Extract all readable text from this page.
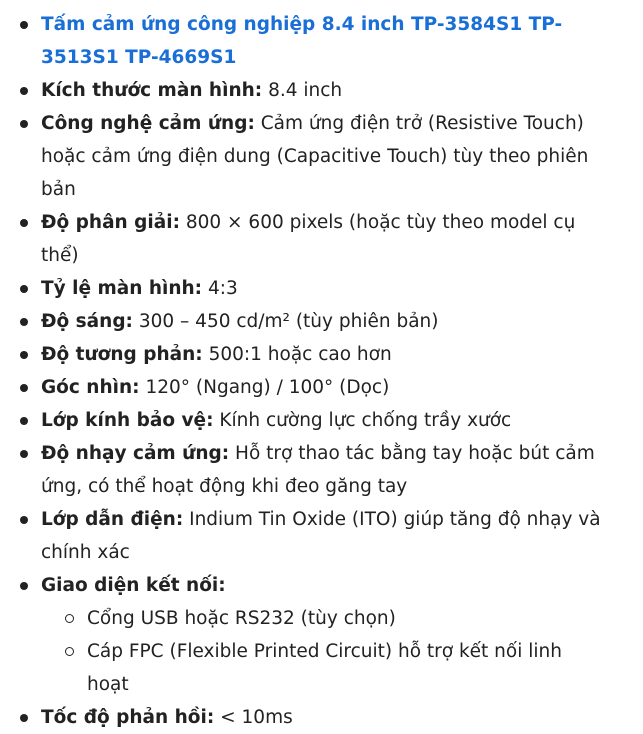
Tấm cảm ứng công nghiệp 8.4 inch TP-3584S1 TP-3513S1 TP-4669S1
Kích thước màn hình: 8.4 inch
Công nghệ cảm ứng: Cảm ứng điện trở (Resistive Touch) hoặc cảm ứng điện dung (Capacitive Touch) tùy theo phiên bản
Độ phân giải: 800 × 600 pixels (hoặc tùy theo model cụ thể)
Tỷ lệ màn hình: 4:3
Độ sáng: 300 – 450 cd/m² (tùy phiên bản)
Độ tương phản: 500:1 hoặc cao hơn
Góc nhìn: 120° (Ngang) / 100° (Dọc)
Lớp kính bảo vệ: Kính cường lực chống trầy xước
Độ nhạy cảm ứng: Hỗ trợ thao tác bằng tay hoặc bút cảm ứng, có thể hoạt động khi đeo găng tay
Lớp dẫn điện: Indium Tin Oxide (ITO) giúp tăng độ nhạy và chính xác
Giao diện kết nối:
Cổng USB hoặc RS232 (tùy chọn)
Cáp FPC (Flexible Printed Circuit) hỗ trợ kết nối linh hoạt
Tốc độ phản hồi: < 10ms
